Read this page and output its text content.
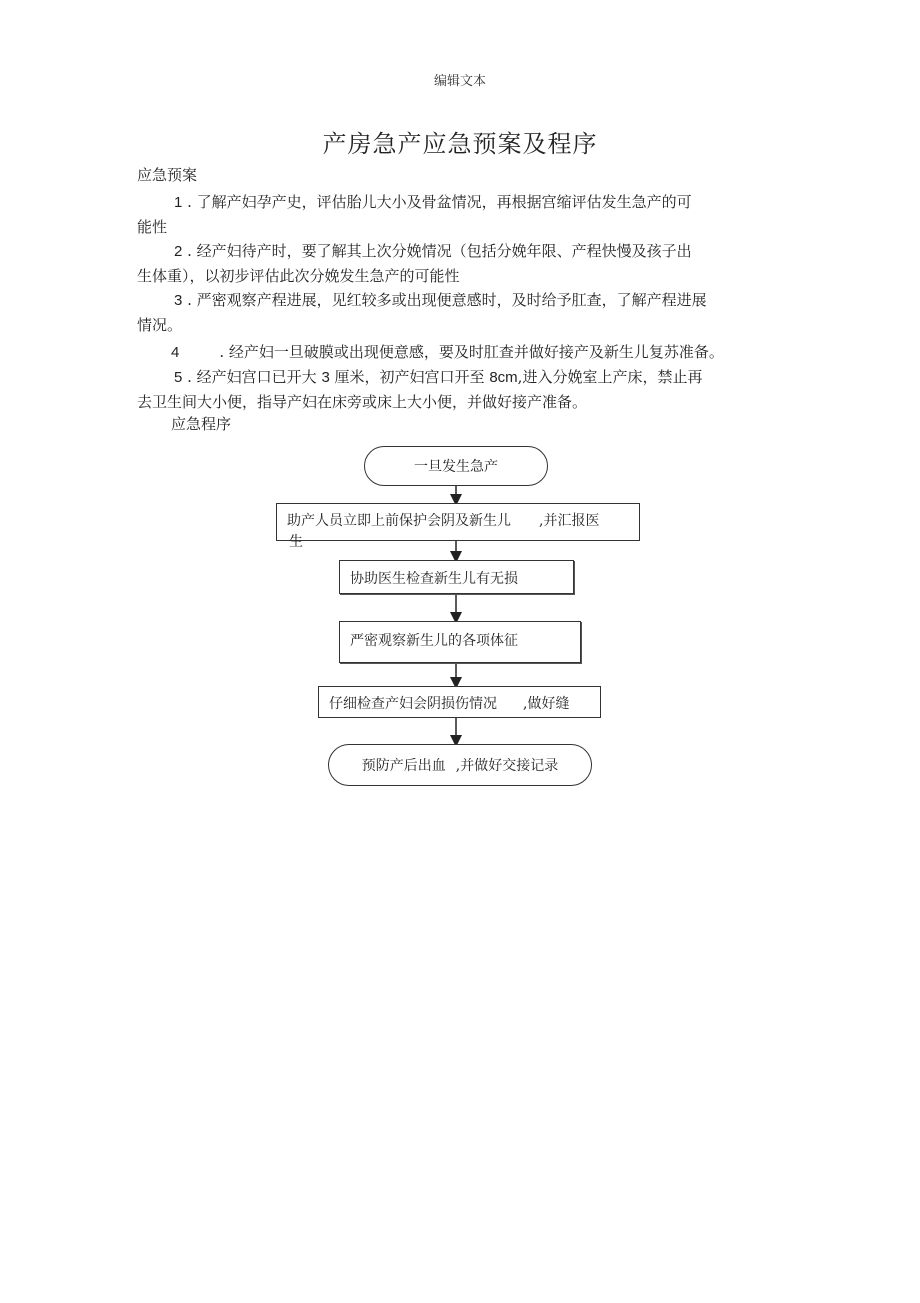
编辑文本
产房急产应急预案及程序
应急预案
1 . 了解产妇孕产史，评估胎儿大小及骨盆情况，再根据宫缩评估发生急产的可
能性
2 . 经产妇待产时，要了解其上次分娩情况（包括分娩年限、产程快慢及孩子出
生体重），以初步评估此次分娩发生急产的可能性
3 . 严密观察产程进展，见红较多或出现便意感时，及时给予肛查，了解产程进展
情况。
4	. 经产妇一旦破膜或出现便意感，要及时肛查并做好接产及新生儿复苏准备。
5 . 经产妇宫口已开大 3 厘米，初产妇宫口开至 8cm,进入分娩室上产床，禁止再
去卫生间大小便，指导产妇在床旁或床上大小便，并做好接产准备。
应急程序
一旦发生急产
助产人员立即上前保护会阴及新生儿 ,并汇报医
生
协助医生检查新生儿有无损
严密观察新生儿的各项体征
仔细检查产妇会阴损伤情况 ,做好缝
预防产后出血 ,并做好交接记录
